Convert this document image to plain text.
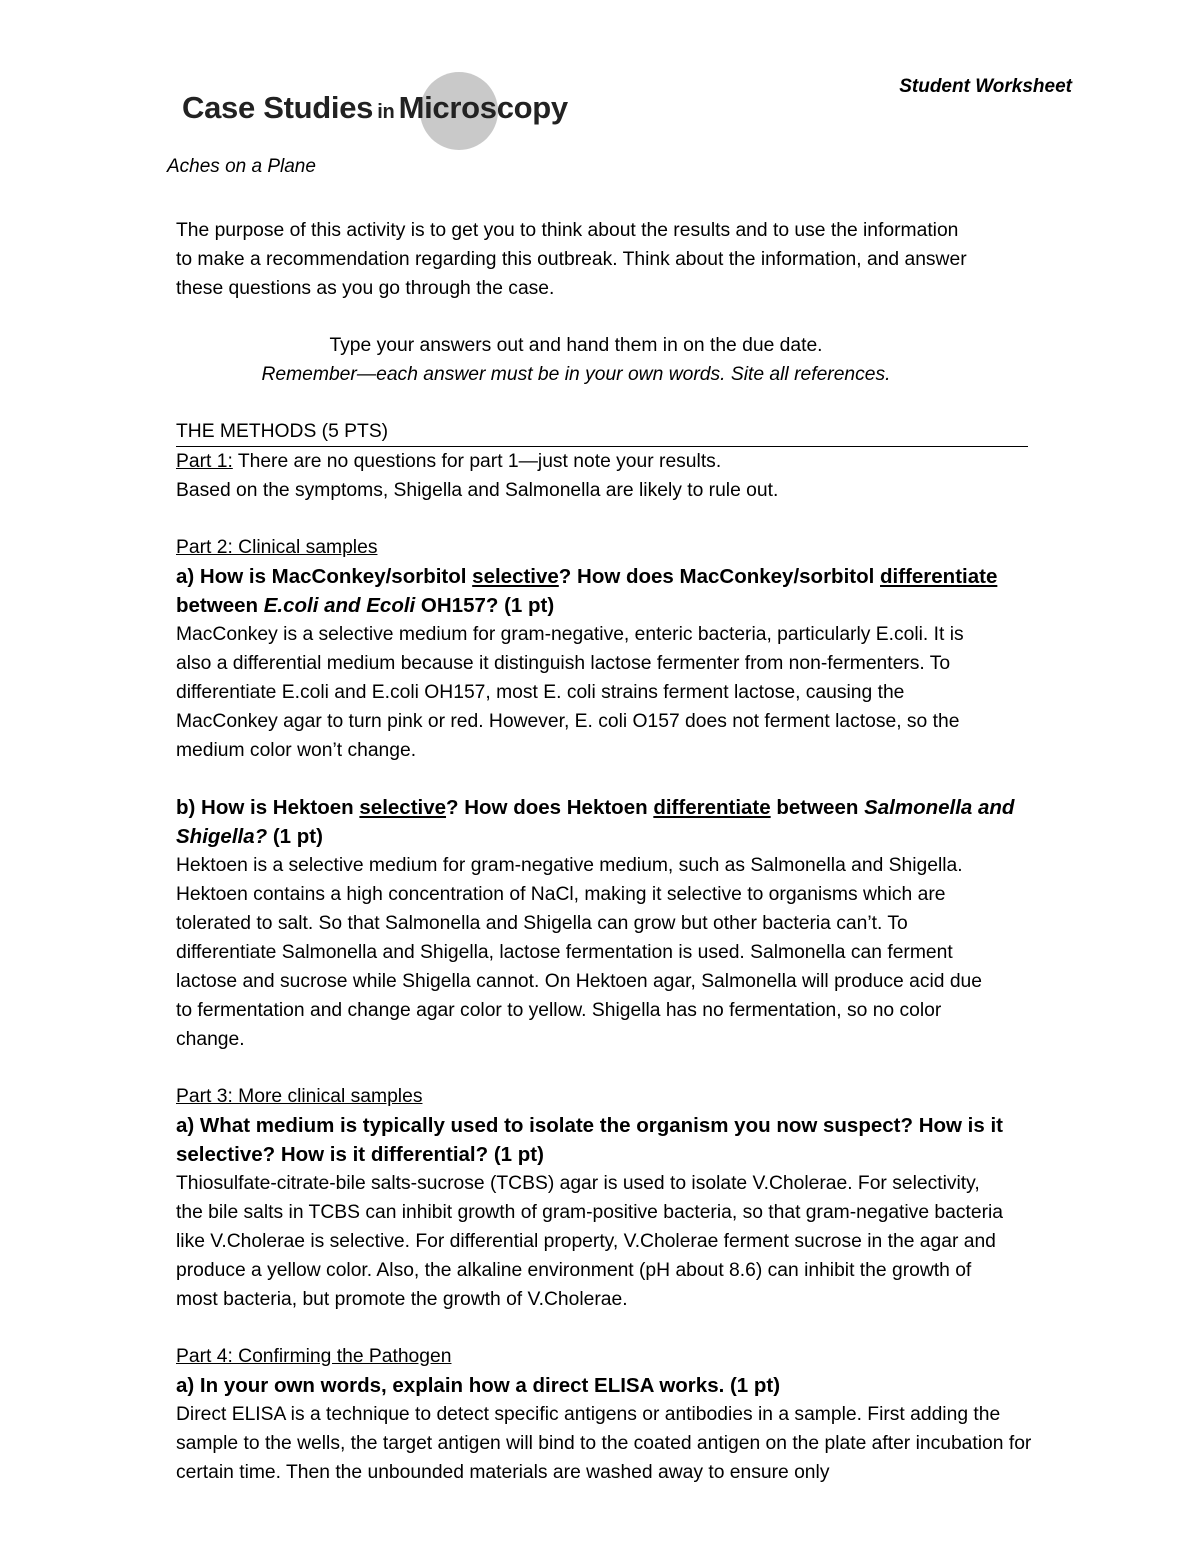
Student Worksheet
Case Studies in Microscopy
Aches on a Plane

The purpose of this activity is to get you to think about the results and to use the information to make a recommendation regarding this outbreak. Think about the information, and answer these questions as you go through the case.

Type your answers out and hand them in on the due date.

Remember—each answer must be in your own words. Site all references.

THE METHODS (5 PTS)

Part 1: There are no questions for part 1—just note your results.

Based on the symptoms, Shigella and Salmonella are likely to rule out.

Part 2: Clinical samples

a) How is MacConkey/sorbitol selective? How does MacConkey/sorbitol differentiate between E.coli and Ecoli OH157? (1 pt)

MacConkey is a selective medium for gram-negative, enteric bacteria, particularly E.coli. It is also a differential medium because it distinguish lactose fermenter from non-fermenters. To differentiate E.coli and E.coli OH157, most E. coli strains ferment lactose, causing the MacConkey agar to turn pink or red. However, E. coli O157 does not ferment lactose, so the medium color won’t change.

b) How is Hektoen selective? How does Hektoen differentiate between Salmonella and Shigella? (1 pt)

Hektoen is a selective medium for gram-negative medium, such as Salmonella and Shigella. Hektoen contains a high concentration of NaCl, making it selective to organisms which are tolerated to salt. So that Salmonella and Shigella can grow but other bacteria can’t. To differentiate Salmonella and Shigella, lactose fermentation is used. Salmonella can ferment lactose and sucrose while Shigella cannot. On Hektoen agar, Salmonella will produce acid due to fermentation and change agar color to yellow. Shigella has no fermentation, so no color change.

Part 3: More clinical samples

a) What medium is typically used to isolate the organism you now suspect? How is it selective? How is it differential? (1 pt)

Thiosulfate-citrate-bile salts-sucrose (TCBS) agar is used to isolate V.Cholerae. For selectivity, the bile salts in TCBS can inhibit growth of gram-positive bacteria, so that gram-negative bacteria like V.Cholerae is selective. For differential property, V.Cholerae ferment sucrose in the agar and produce a yellow color. Also, the alkaline environment (pH about 8.6) can inhibit the growth of most bacteria, but promote the growth of V.Cholerae.

Part 4: Confirming the Pathogen

a) In your own words, explain how a direct ELISA works. (1 pt)

Direct ELISA is a technique to detect specific antigens or antibodies in a sample. First adding the sample to the wells, the target antigen will bind to the coated antigen on the plate after incubation for certain time. Then the unbounded materials are washed away to ensure only
